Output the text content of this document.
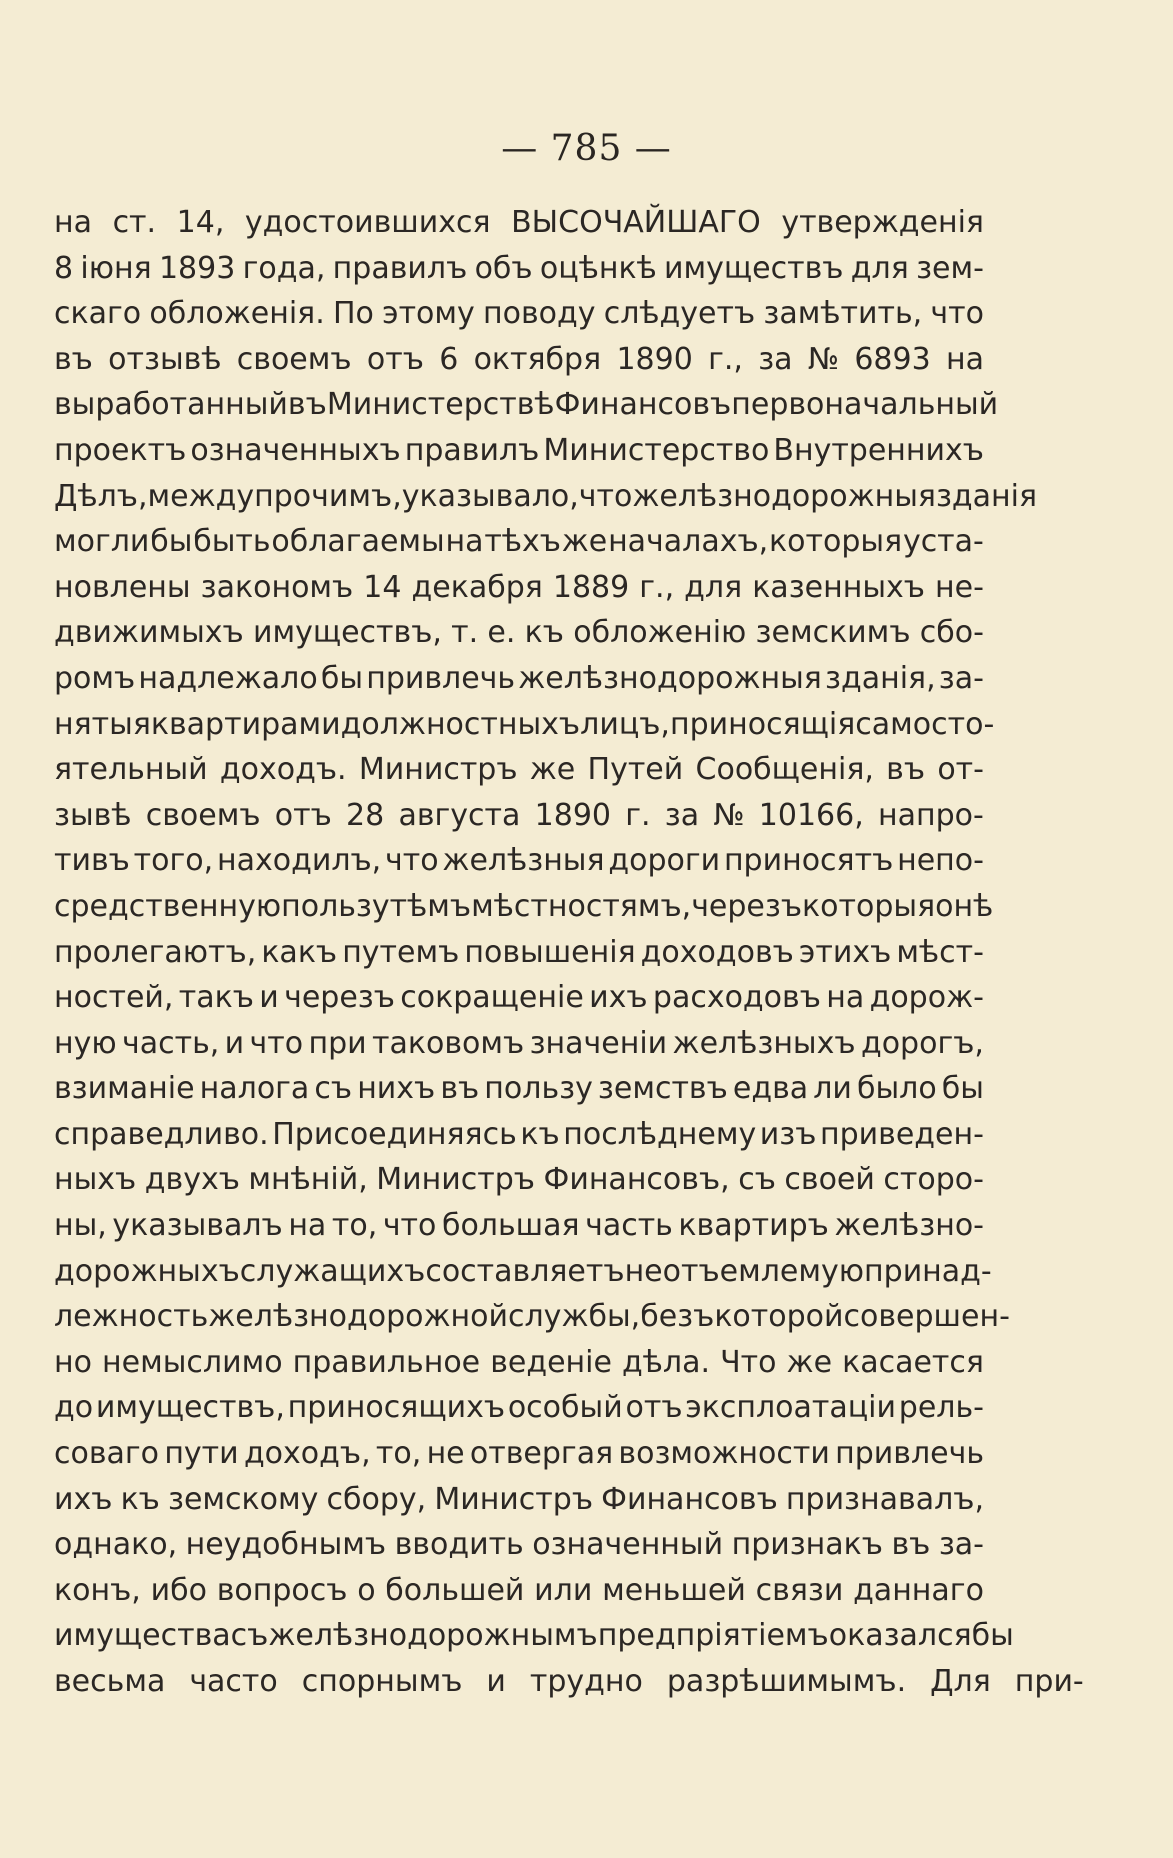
— 785 —
на ст. 14, удостоившихся ВЫСОЧАЙШАГО утвержденія
8 іюня 1893 года, правилъ объ оцѣнкѣ имуществъ для зем-
скаго обложенія. По этому поводу слѣдуетъ замѣтить, что
въ отзывѣ своемъ отъ 6 октября 1890 г., за № 6893 на
выработанный въ Министерствѣ Финансовъ первоначальный
проектъ означенныхъ правилъ Министерство Внутреннихъ
Дѣлъ, между прочимъ, указывало, что желѣзнодорожныя зданія
могли бы быть облагаемы на тѣхъ же началахъ, которыя уста-
новлены закономъ 14 декабря 1889 г., для казенныхъ не-
движимыхъ имуществъ, т. е. къ обложенію земскимъ сбо-
ромъ надлежало бы привлечь желѣзнодорожныя зданія, за-
нятыя квартирами должностныхъ лицъ, приносящія самосто-
ятельный доходъ. Министръ же Путей Сообщенія, въ от-
зывѣ своемъ отъ 28 августа 1890 г. за № 10166, напро-
тивъ того, находилъ, что желѣзныя дороги приносятъ непо-
средственную пользу тѣмъ мѣстностямъ, черезъ которыя онѣ
пролегаютъ, какъ путемъ повышенія доходовъ этихъ мѣст-
ностей, такъ и черезъ сокращеніе ихъ расходовъ на дорож-
ную часть, и что при таковомъ значеніи желѣзныхъ дорогъ,
взиманіе налога съ нихъ въ пользу земствъ едва ли было бы
справедливо. Присоединяясь къ послѣднему изъ приведен-
ныхъ двухъ мнѣній, Министръ Финансовъ, съ своей сторо-
ны, указывалъ на то, что большая часть квартиръ желѣзно-
дорожныхъ служащихъ составляетъ неотъемлемую принад-
лежность желѣзнодорожной службы, безъ которой совершен-
но немыслимо правильное веденіе дѣла. Что же касается
до имуществъ, приносящихъ особый отъ эксплоатаціи рель-
соваго пути доходъ, то, не отвергая возможности привлечь
ихъ къ земскому сбору, Министръ Финансовъ признавалъ,
однако, неудобнымъ вводить означенный признакъ въ за-
конъ, ибо вопросъ о большей или меньшей связи даннаго
имущества съ желѣзнодорожнымъ предпріятіемъ оказался бы
весьма часто спорнымъ и трудно разрѣшимымъ. Для при-
